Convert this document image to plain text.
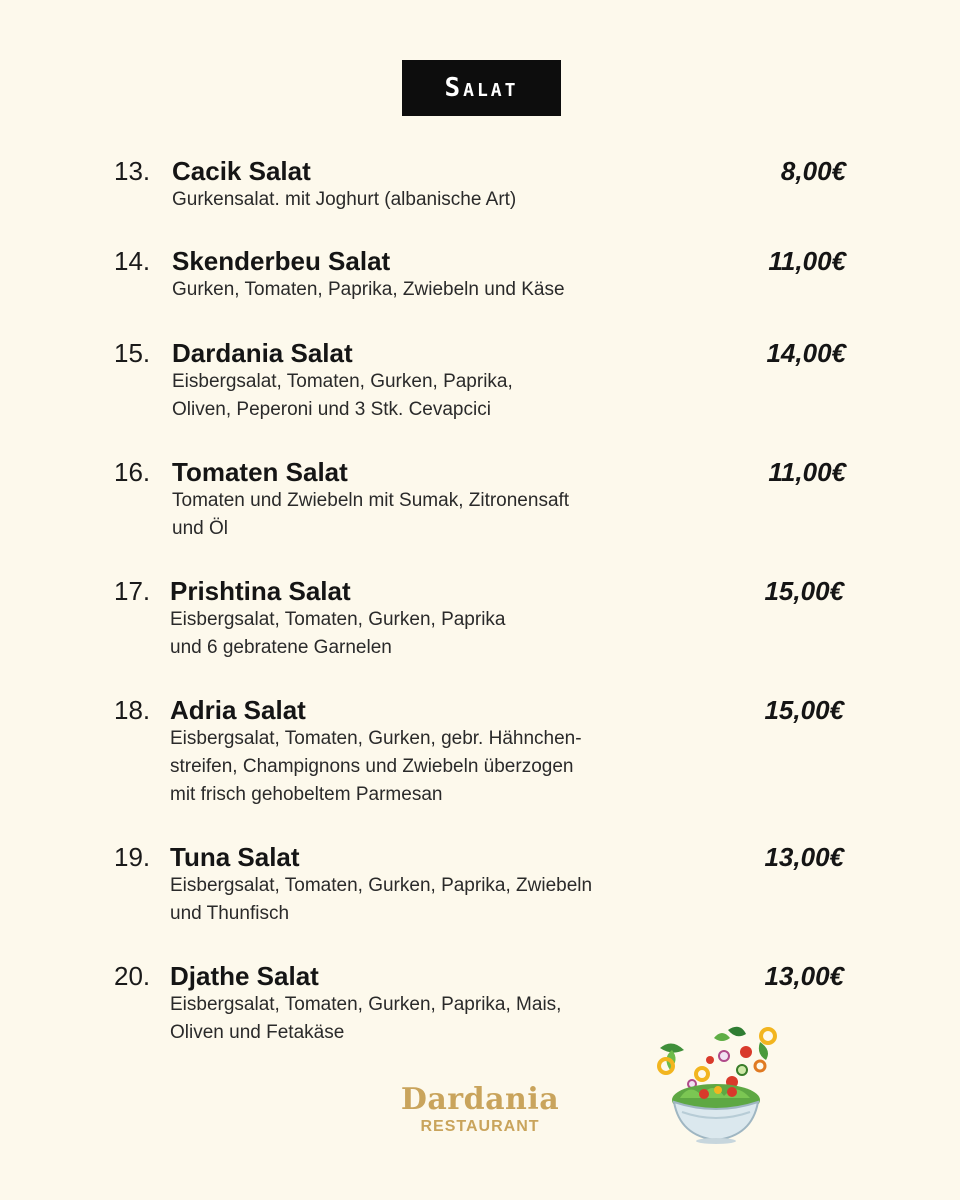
Salat
13. Cacik Salat	8,00€
Gurkensalat. mit Joghurt (albanische Art)
14. Skenderbeu Salat	11,00€
Gurken, Tomaten, Paprika, Zwiebeln und Käse
15. Dardania Salat	14,00€
Eisbergsalat, Tomaten, Gurken, Paprika,
Oliven, Peperoni und 3 Stk. Cevapcici
16. Tomaten Salat	11,00€
Tomaten und Zwiebeln mit Sumak, Zitronensaft
und Öl
17. Prishtina Salat	15,00€
Eisbergsalat, Tomaten, Gurken, Paprika
und 6 gebratene Garnelen
18. Adria Salat	15,00€
Eisbergsalat, Tomaten, Gurken, gebr. Hähnchen-
streifen, Champignons und Zwiebeln überzogen
mit frisch gehobeltem Parmesan
19. Tuna Salat	13,00€
Eisbergsalat, Tomaten, Gurken, Paprika, Zwiebeln
und Thunfisch
20. Djathe Salat	13,00€
Eisbergsalat, Tomaten, Gurken, Paprika, Mais,
Oliven und Fetakäse
Dardania
RESTAURANT
